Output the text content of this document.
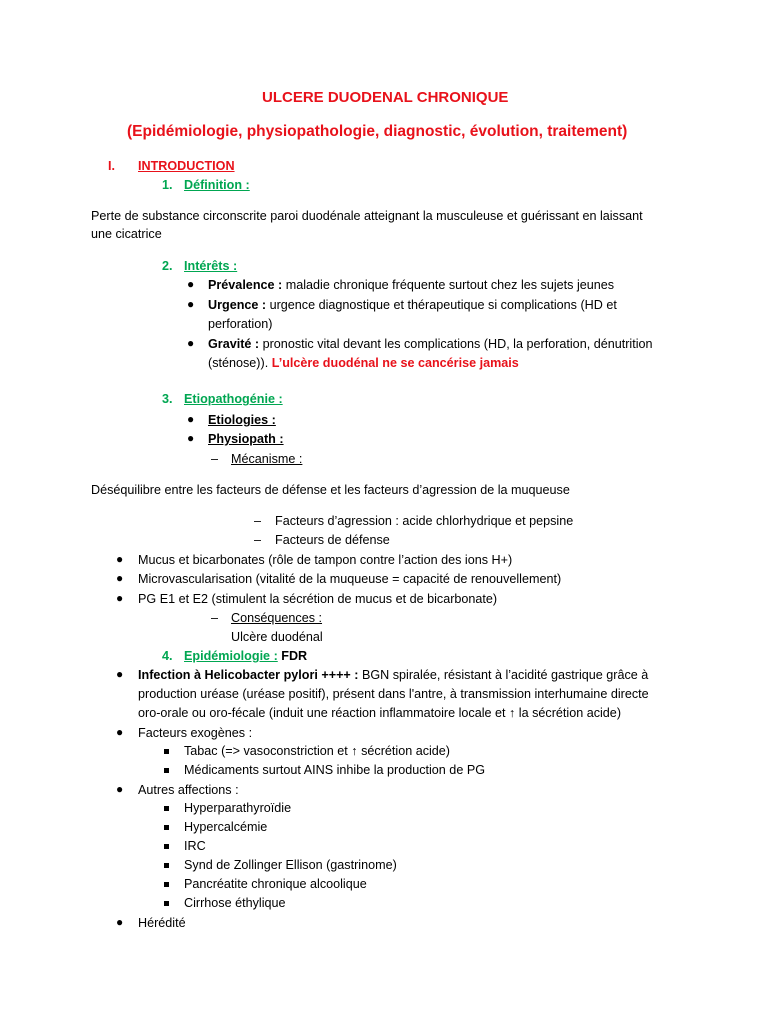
ULCERE DUODENAL CHRONIQUE
(Epidémiologie, physiopathologie, diagnostic, évolution, traitement)
I. INTRODUCTION
1. Définition :
Perte de substance circonscrite paroi duodénale atteignant la musculeuse et guérissant en laissant
une cicatrice
2. Intérêts :
● Prévalence : maladie chronique fréquente surtout chez les sujets jeunes
● Urgence : urgence diagnostique et thérapeutique si complications (HD et
perforation)
● Gravité : pronostic vital devant les complications (HD, la perforation, dénutrition
(sténose)). L’ulcère duodénal ne se cancérise jamais
3. Etiopathogénie :
● Etiologies :
● Physiopath :
– Mécanisme :
Déséquilibre entre les facteurs de défense et les facteurs d’agression de la muqueuse
– Facteurs d’agression : acide chlorhydrique et pepsine
– Facteurs de défense
● Mucus et bicarbonates (rôle de tampon contre l’action des ions H+)
● Microvascularisation (vitalité de la muqueuse = capacité de renouvellement)
● PG E1 et E2 (stimulent la sécrétion de mucus et de bicarbonate)
– Conséquences :
Ulcère duodénal
4. Epidémiologie : FDR
● Infection à Helicobacter pylori ++++ : BGN spiralée, résistant à l’acidité gastrique grâce à
production uréase (uréase positif), présent dans l'antre, à transmission interhumaine directe
oro-orale ou oro-fécale (induit une réaction inflammatoire locale et ↑ la sécrétion acide)
● Facteurs exogènes :
Tabac (=> vasoconstriction et ↑ sécrétion acide)
Médicaments surtout AINS inhibe la production de PG
● Autres affections :
Hyperparathyroïdie
Hypercalcémie
IRC
Synd de Zollinger Ellison (gastrinome)
Pancréatite chronique alcoolique
Cirrhose éthylique
● Hérédité
